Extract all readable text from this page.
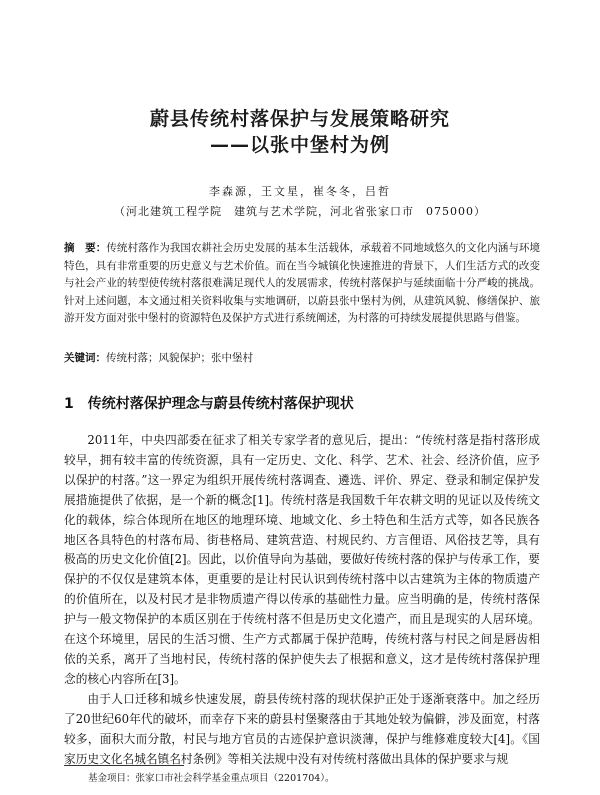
蔚县传统村落保护与发展策略研究
——以张中堡村为例
李森源，王文星，崔冬冬，吕哲
（河北建筑工程学院　建筑与艺术学院，河北省张家口市　075000）
摘　要：传统村落作为我国农耕社会历史发展的基本生活载体，承载着不同地域悠久的文化内涵与环境特色，具有非常重要的历史意义与艺术价值。而在当今城镇化快速推进的背景下，人们生活方式的改变与社会产业的转型使传统村落很难满足现代人的发展需求，传统村落保护与延续面临十分严峻的挑战。针对上述问题，本文通过相关资料收集与实地调研，以蔚县张中堡村为例，从建筑风貌、修缮保护、旅游开发方面对张中堡村的资源特色及保护方式进行系统阐述，为村落的可持续发展提供思路与借鉴。
关键词：传统村落；风貌保护；张中堡村
1 传统村落保护理念与蔚县传统村落保护现状

2011年，中央四部委在征求了相关专家学者的意见后，提出：“传统村落是指村落形成较早，拥有较丰富的传统资源，具有一定历史、文化、科学、艺术、社会、经济价值，应予以保护的村落。”这一界定为组织开展传统村落调查、遴选、评价、界定、登录和制定保护发展措施提供了依据，是一个新的概念[1]。传统村落是我国数千年农耕文明的见证以及传统文化的载体，综合体现所在地区的地理环境、地域文化、乡土特色和生活方式等，如各民族各地区各具特色的村落布局、街巷格局、建筑营造、村规民约、方言俚语、风俗技艺等，具有极高的历史文化价值[2]。因此，以价值导向为基础，要做好传统村落的保护与传承工作，要保护的不仅仅是建筑本体，更重要的是让村民认识到传统村落中以古建筑为主体的物质遗产的价值所在，以及村民才是非物质遗产得以传承的基础性力量。应当明确的是，传统村落保护与一般文物保护的本质区别在于传统村落不但是历史文化遗产，而且是现实的人居环境。在这个环境里，居民的生活习惯、生产方式都属于保护范畴，传统村落与村民之间是唇齿相依的关系，离开了当地村民，传统村落的保护使失去了根据和意义，这才是传统村落保护理念的核心内容所在[3]。

由于人口迁移和城乡快速发展，蔚县传统村落的现状保护正处于逐渐衰落中。加之经历了20世纪60年代的破坏，而幸存下来的蔚县村堡聚落由于其地处较为偏僻，涉及面宽，村落较多，面积大而分散，村民与地方官员的古迹保护意识淡薄，保护与维修难度较大[4]。《国家历史文化名城名镇名村条例》等相关法规中没有对传统村落做出具体的保护要求与规

基金项目：张家口市社会科学基金重点项目（2201704）。
